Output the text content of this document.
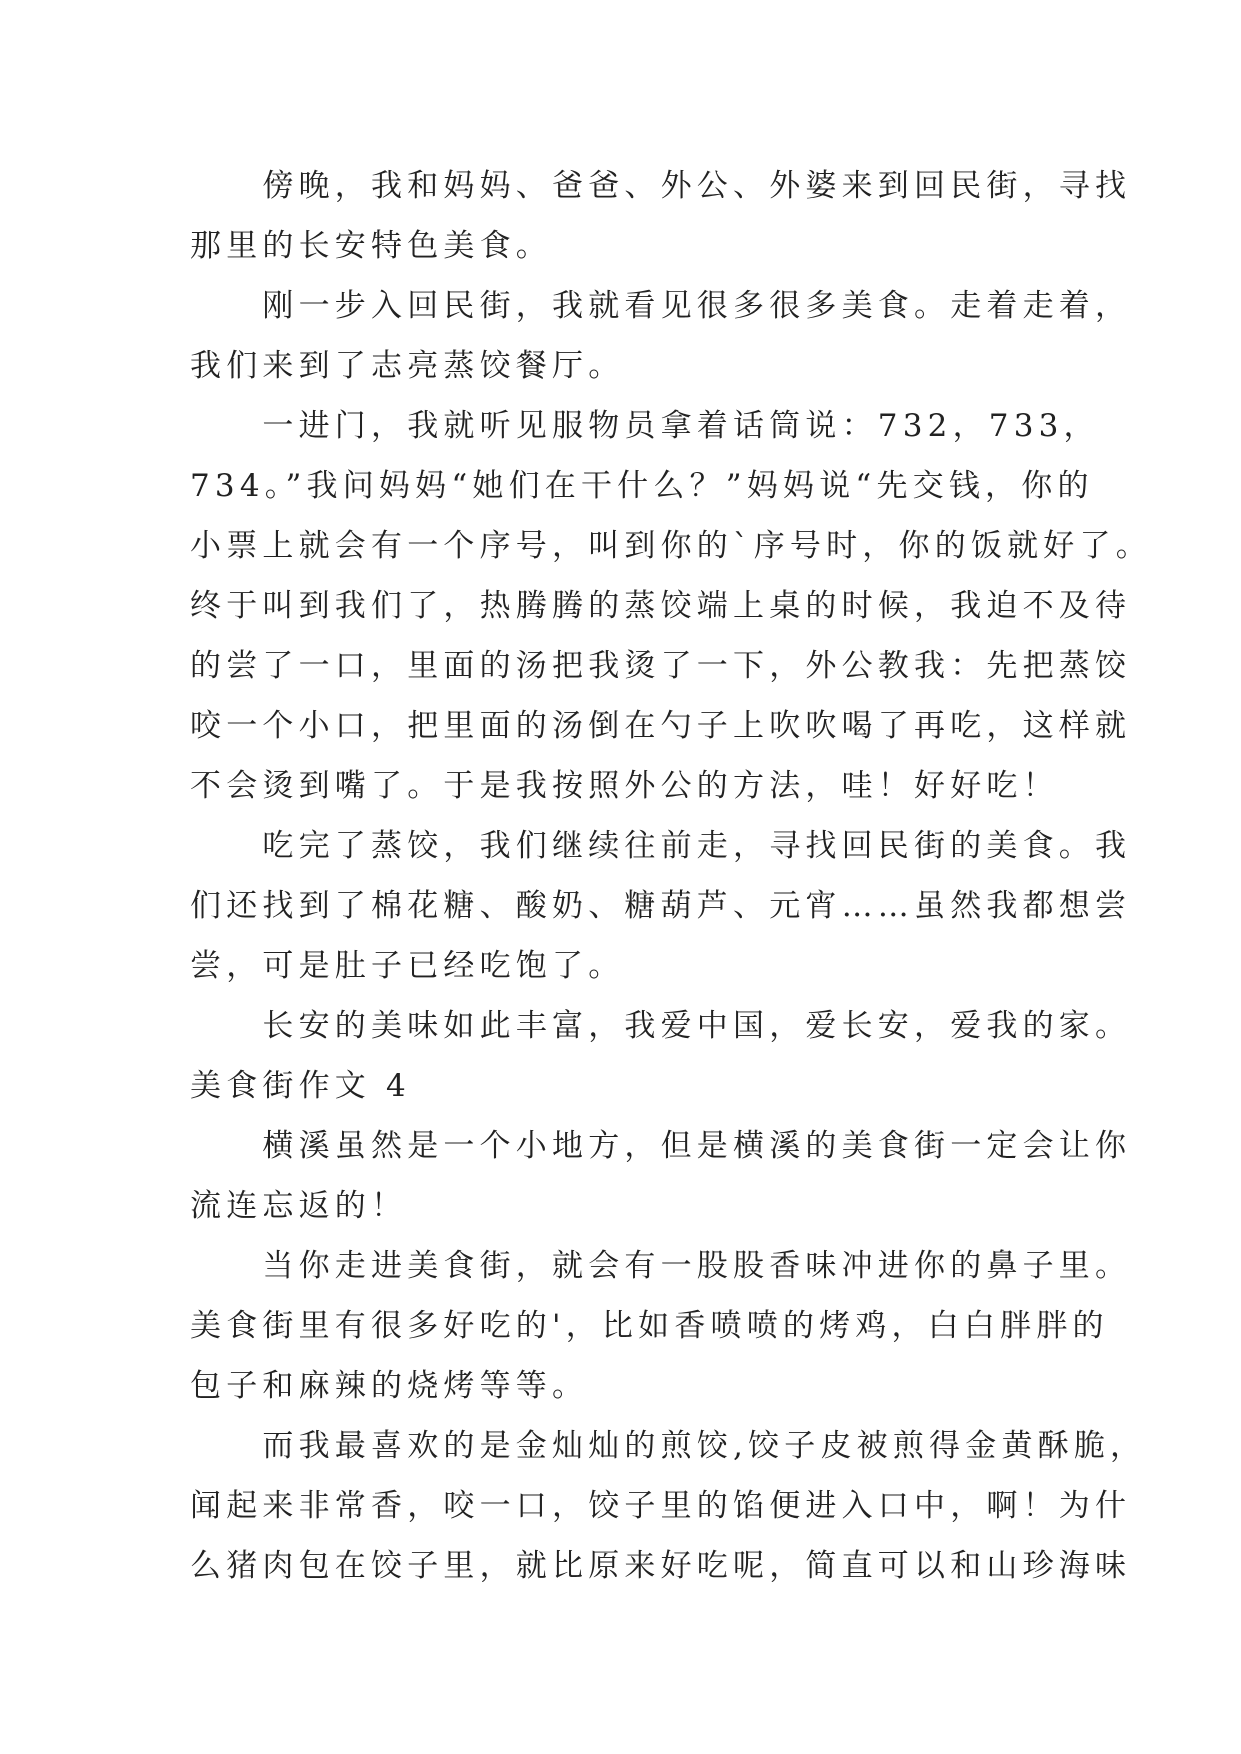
　　傍晚，我和妈妈、爸爸、外公、外婆来到回民街，寻找
那里的长安特色美食。
　　刚一步入回民街，我就看见很多很多美食。走着走着，
我们来到了志亮蒸饺餐厅。
　　一进门，我就听见服物员拿着话筒说：732，733，
734。”我问妈妈“她们在干什么？”妈妈说“先交钱，你的
小票上就会有一个序号，叫到你的`序号时，你的饭就好了。
终于叫到我们了，热腾腾的蒸饺端上桌的时候，我迫不及待
的尝了一口，里面的汤把我烫了一下，外公教我：先把蒸饺
咬一个小口，把里面的汤倒在勺子上吹吹喝了再吃，这样就
不会烫到嘴了。于是我按照外公的方法，哇！好好吃！
　　吃完了蒸饺，我们继续往前走，寻找回民街的美食。我
们还找到了棉花糖、酸奶、糖葫芦、元宵……虽然我都想尝
尝，可是肚子已经吃饱了。
　　长安的美味如此丰富，我爱中国，爱长安，爱我的家。
美食街作文 4
　　横溪虽然是一个小地方，但是横溪的美食街一定会让你
流连忘返的！
　　当你走进美食街，就会有一股股香味冲进你的鼻子里。
美食街里有很多好吃的'，比如香喷喷的烤鸡，白白胖胖的
包子和麻辣的烧烤等等。
　　而我最喜欢的是金灿灿的煎饺,饺子皮被煎得金黄酥脆，
闻起来非常香，咬一口，饺子里的馅便进入口中，啊！为什
么猪肉包在饺子里，就比原来好吃呢，简直可以和山珍海味
